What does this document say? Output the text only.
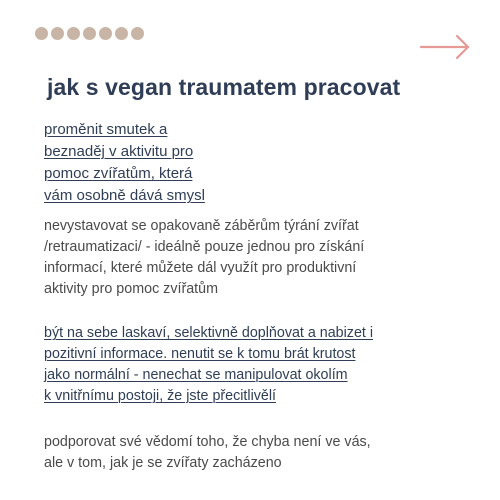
jak s vegan traumatem pracovat
proměnit smutek a
beznaděj v aktivitu pro
pomoc zvířatům, která
vám osobně dává smysl
nevystavovat se opakovaně záběrům týrání zvířat
/retraumatizaci/ - ideálně pouze jednou pro získání
informací, které můžete dál využít pro produktivní
aktivity pro pomoc zvířatům
být na sebe laskaví, selektivně doplňovat a nabizet i
pozitivní informace. nenutit se k tomu brát krutost
jako normální - nenechat se manipulovat okolím
k vnitřnímu postoji, že jste přecitlivělí
podporovat své vědomí toho, že chyba není ve vás,
ale v tom, jak je se zvířaty zacházeno
